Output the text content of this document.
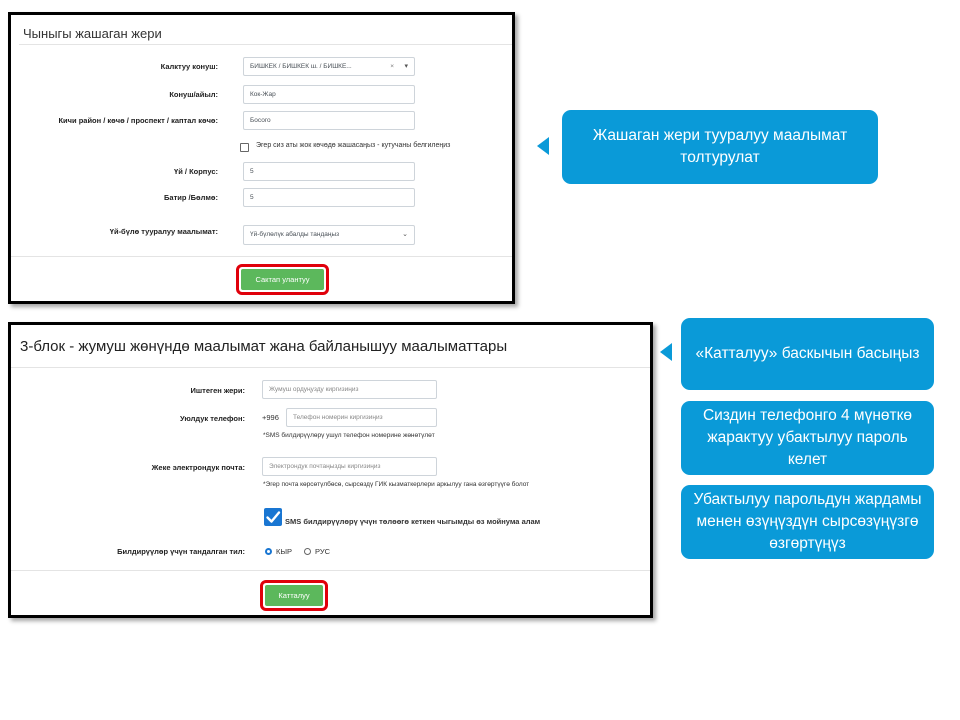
Чыныгы жашаган жери
Калктуу конуш:	БИШКЕК / БИШКЕК ш. / БИШКЕ...	× ▾
Конуш/айыл:	Кок-Жар
Кичи район / көчө / проспект / каптал көчө:	Босого
Эгер сиз аты жок көчөдө жашасаңыз - кутучаны белгилеңиз
Үй / Корпус:	5
Батир /Бөлмө:	5
Үй-бүлө тууралуу маалымат:	Үй-бүлөлүк абалды тандаңыз	⌄
Сактап улантуу
3-блок - жумуш жөнүндө маалымат жана байланышуу маалыматтары
Иштеген жери:	Жумуш ордуңузду киргизиңиз
Уюлдук телефон: +996	Телефон номерин киргизиңиз
*SMS билдирүүлөрү ушул телефон номерине жөнөтүлөт
Жеке электрондук почта:	Электрондук почтаңызды киргизиңиз
*Эгер почта көрсөтүлбөсө, сырсөздү ГИК кызматкерлери аркылуу гана өзгөртүүгө болот
SMS билдирүүлөрү үчүн төлөөгө кеткен чыгымды өз мойнума алам
Билдирүүлөр үчүн тандалган тил:	КЫР	РУС
Катталуу
Жашаган жери тууралуу маалымат толтурулат
«Катталуу» баскычын басыңыз
Сиздин телефонго 4 мүнөткө жарактуу убактылуу пароль келет
Убактылуу парольдун жардамы менен өзүңүздүн сырсөзүңүзгө өзгөртүңүз
